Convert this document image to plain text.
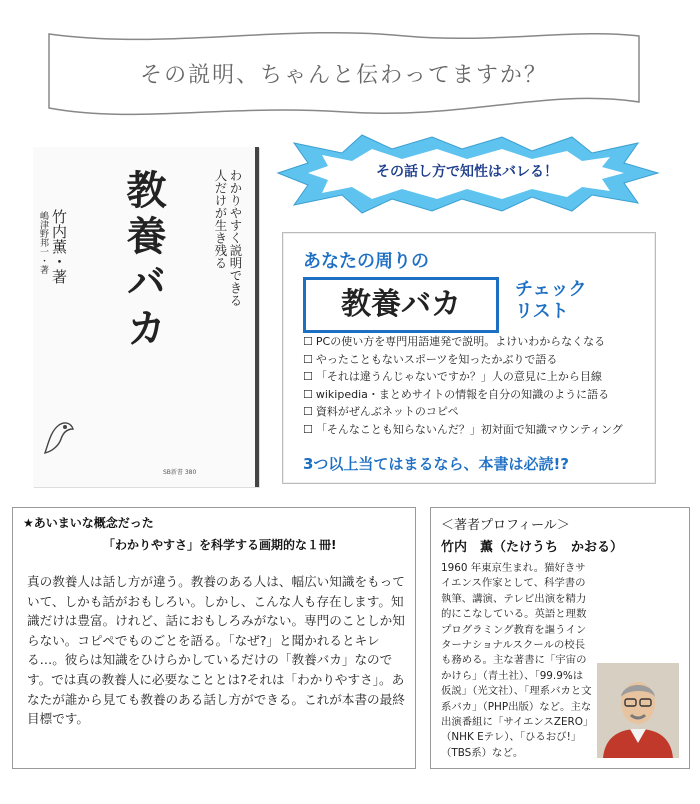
その説明、ちゃんと伝わってますか？
教養バカ	わかりやすく説明できる人だけが生き残る
竹内薫・著
嶋津野邦一・著
SB新書 380
その話し方で知性はバレる！
あなたの周りの
教養バカ	チェック
リスト
☐ PCの使い方を専門用語連発で説明。よけいわからなくなる
☐ やったこともないスポーツを知ったかぶりで語る
☐ 「それは違うんじゃないですか？」人の意見に上から目線
☐ wikipedia・まとめサイトの情報を自分の知識のように語る
☐ 資料がぜんぶネットのコピペ
☐ 「そんなことも知らないんだ？」初対面で知識マウンティング
3つ以上当てはまるなら、本書は必読!?
★あいまいな概念だった
「わかりやすさ」を科学する画期的な１冊!
真の教養人は話し方が違う。教養のある人は、幅広い知識をもっていて、しかも話がおもしろい。しかし、こんな人も存在します。知識だけは豊富。けれど、話におもしろみがない。専門のことしか知らない。コピペでものごとを語る。「なぜ?」と聞かれるとキレる…。彼らは知識をひけらかしているだけの「教養バカ」なのです。では真の教養人に必要なこととは?それは「わかりやすさ」。あなたが誰から見ても教養のある話し方ができる。これが本書の最終目標です。
＜著者プロフィール＞
竹内　薫（たけうち　かおる）
1960 年東京生まれ。猫好きサイエンス作家として、科学書の執筆、講演、テレビ出演を精力的にこなしている。英語と理数プログラミング教育を謳うインターナショナルスクールの校長も務める。主な著書に「宇宙のかけら」（青土社）、「99.9%は仮説」（光文社）、「理系バカと文系バカ」（PHP出版）など。主な出演番組に「サイエンスZERO」（NHK Eテレ）、「ひるおび!」（TBS系）など。
